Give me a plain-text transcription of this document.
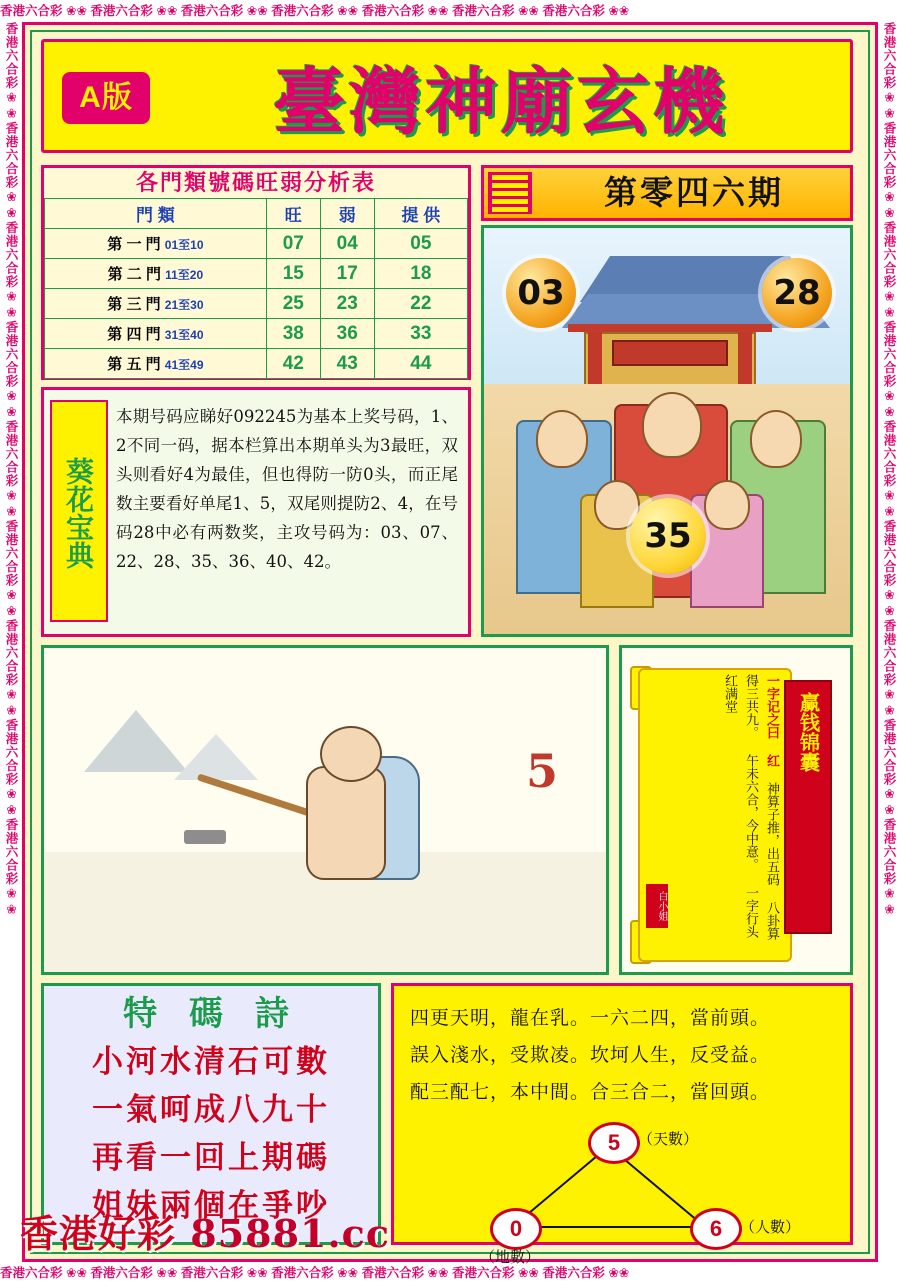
香港六合彩 ❀❀ 香港六合彩 ❀❀ 香港六合彩 ❀❀ 香港六合彩 ❀❀ 香港六合彩 ❀❀ 香港六合彩 ❀❀ 香港六合彩 ❀❀
香港六合彩 ❀❀ 香港六合彩 ❀❀ 香港六合彩 ❀❀ 香港六合彩 ❀❀ 香港六合彩 ❀❀ 香港六合彩 ❀❀ 香港六合彩 ❀❀
香港六合彩❀❀香港六合彩❀❀香港六合彩❀❀香港六合彩❀❀香港六合彩❀❀香港六合彩❀❀香港六合彩❀❀香港六合彩❀❀香港六合彩❀❀	香港六合彩❀❀香港六合彩❀❀香港六合彩❀❀香港六合彩❀❀香港六合彩❀❀香港六合彩❀❀香港六合彩❀❀香港六合彩❀❀香港六合彩❀❀
A版	臺灣神廟玄機
各門類號碼旺弱分析表
門 類	旺	弱	提 供
第 一 門 01至10	07	04	05
第 二 門 11至20	15	17	18
第 三 門 21至30	25	23	22
第 四 門 31至40	38	36	33
第 五 門 41至49	42	43	44
第零四六期
03	28
35
葵花宝典
本期号码应睇好092245为基本上奖号码，1、2不同一码，据本栏算出本期单头为3最旺，双头则看好4为最佳，但也得防一防0头，而正尾数主要看好单尾1、5，双尾则提防2、4，在号码28中必有两数奖，主攻号码为：03、07、22、28、35、36、40、42。
5
一字记之曰 红 神算子推，出五码 八卦算得三共九。 午未六合，今中意。 一字行头红满堂
白小姐
赢钱锦囊
特 碼 詩
小河水清石可數
一氣呵成八九十
再看一回上期碼
姐妹兩個在爭吵
四更天明，龍在乳。一六二四，當前頭。
誤入淺水，受欺凌。坎坷人生，反受益。
配三配七，本中間。合三合二，當回頭。
5	（天數）
0
（地數）
6	（人數）
香港好彩 85881.cc
